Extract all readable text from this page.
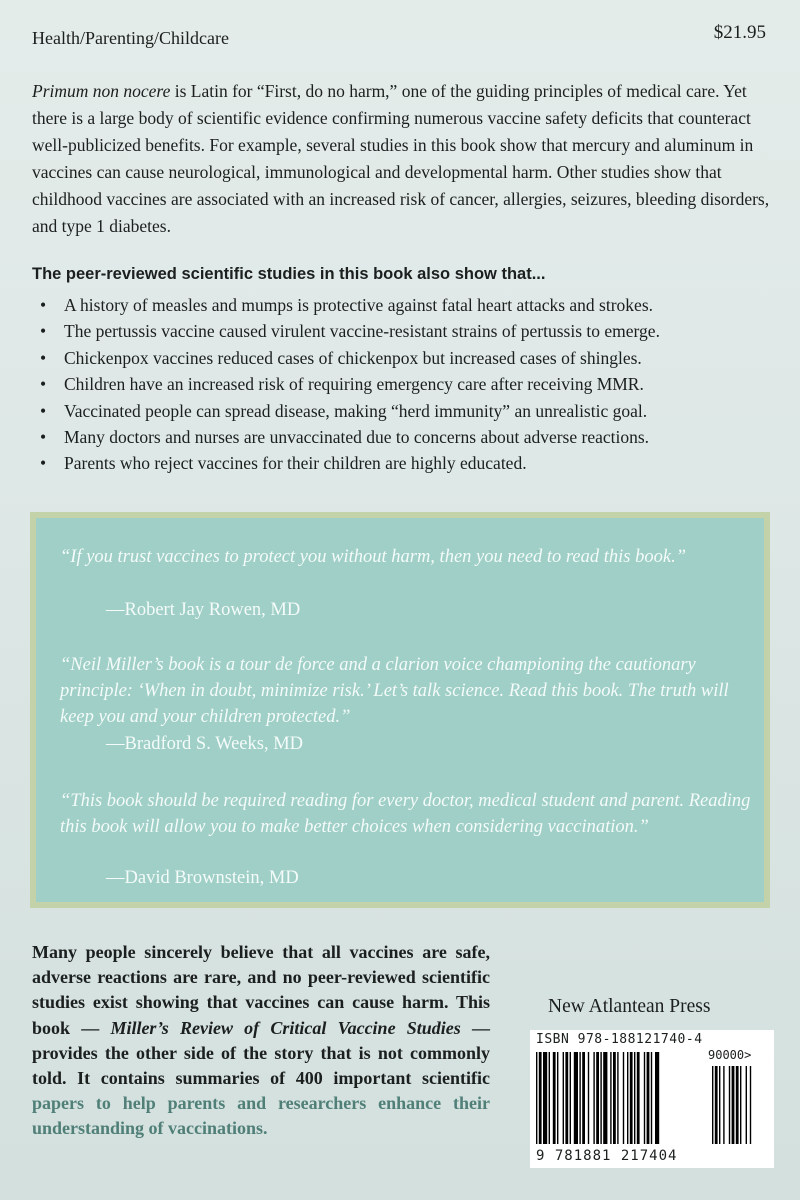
Health/Parenting/Childcare	$21.95

Primum non nocere is Latin for “First, do no harm,” one of the guiding principles of medical care. Yet there is a large body of scientific evidence confirming numerous vaccine safety deficits that counteract well-publicized benefits. For example, several studies in this book show that mercury and aluminum in vaccines can cause neurological, immunological and developmental harm. Other studies show that childhood vaccines are associated with an increased risk of cancer, allergies, seizures, bleeding disorders, and type 1 diabetes.

The peer-reviewed scientific studies in this book also show that...

• A history of measles and mumps is protective against fatal heart attacks and strokes.
• The pertussis vaccine caused virulent vaccine-resistant strains of pertussis to emerge.
• Chickenpox vaccines reduced cases of chickenpox but increased cases of shingles.
• Children have an increased risk of requiring emergency care after receiving MMR.
• Vaccinated people can spread disease, making “herd immunity” an unrealistic goal.
• Many doctors and nurses are unvaccinated due to concerns about adverse reactions.
• Parents who reject vaccines for their children are highly educated.
“If you trust vaccines to protect you without harm, then you need to read this book.”
—Robert Jay Rowen, MD
“Neil Miller’s book is a tour de force and a clarion voice championing the cautionary principle: ‘When in doubt, minimize risk.’ Let’s talk science. Read this book. The truth will keep you and your children protected.”
—Bradford S. Weeks, MD
“This book should be required reading for every doctor, medical student and parent. Reading this book will allow you to make better choices when considering vaccination.”
—David Brownstein, MD

Many people sincerely believe that all vaccines are safe, adverse reactions are rare, and no peer-reviewed scientific studies exist showing that vaccines can cause harm. This book — Miller’s Review of Critical Vaccine Studies — provides the other side of the story that is not commonly told. It contains summaries of 400 important scientific papers to help parents and researchers enhance their understanding of vaccinations.

New Atlantean Press
ISBN 978-188121740-4
90000>
9 781881 217404
